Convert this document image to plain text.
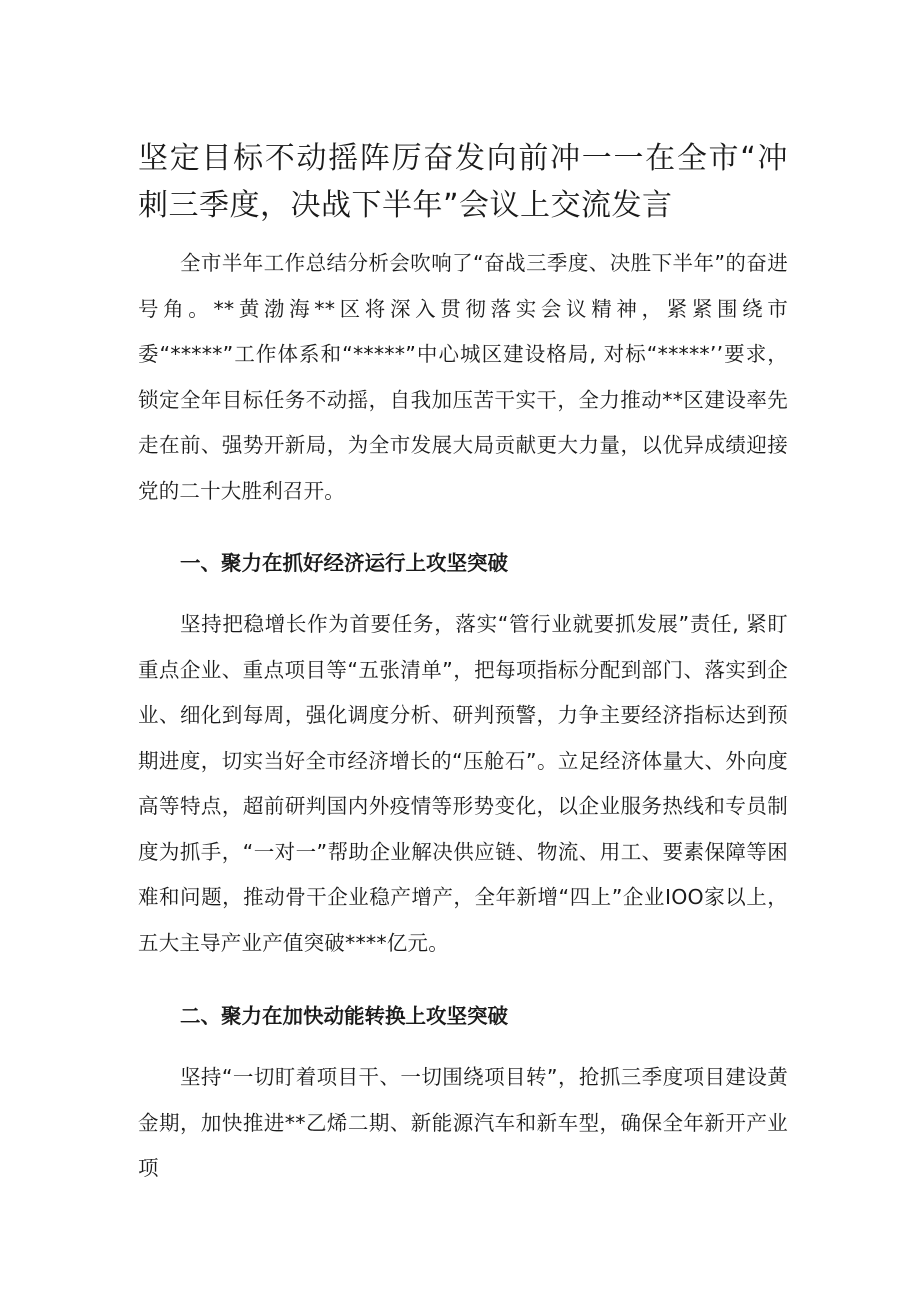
坚定目标不动摇阵厉奋发向前冲一一在全市“冲刺三季度，决战下半年”会议上交流发言

全市半年工作总结分析会吹响了“奋战三季度、决胜下半年”的奋进号角。**黄渤海**区将深入贯彻落实会议精神，紧紧围绕市委“*****”工作体系和“*****”中心城区建设格局, 对标“*****’’要求，锁定全年目标任务不动摇，自我加压苦干实干，全力推动**区建设率先走在前、强势开新局，为全市发展大局贡献更大力量，以优异成绩迎接党的二十大胜利召开。

一、聚力在抓好经济运行上攻坚突破

坚持把稳增长作为首要任务，落实“管行业就要抓发展”责任, 紧盯重点企业、重点项目等“五张清单”，把每项指标分配到部门、落实到企业、细化到每周，强化调度分析、研判预警，力争主要经济指标达到预期进度，切实当好全市经济增长的“压舱石”。立足经济体量大、外向度高等特点，超前研判国内外疫情等形势变化，以企业服务热线和专员制度为抓手，“一对一”帮助企业解决供应链、物流、用工、要素保障等困难和问题，推动骨干企业稳产增产，全年新增“四上”企业IOO家以上，五大主导产业产值突破****亿元。

二、聚力在加快动能转换上攻坚突破

坚持“一切盯着项目干、一切围绕项目转”，抢抓三季度项目建设黄金期，加快推进**乙烯二期、新能源汽车和新车型，确保全年新开产业项
